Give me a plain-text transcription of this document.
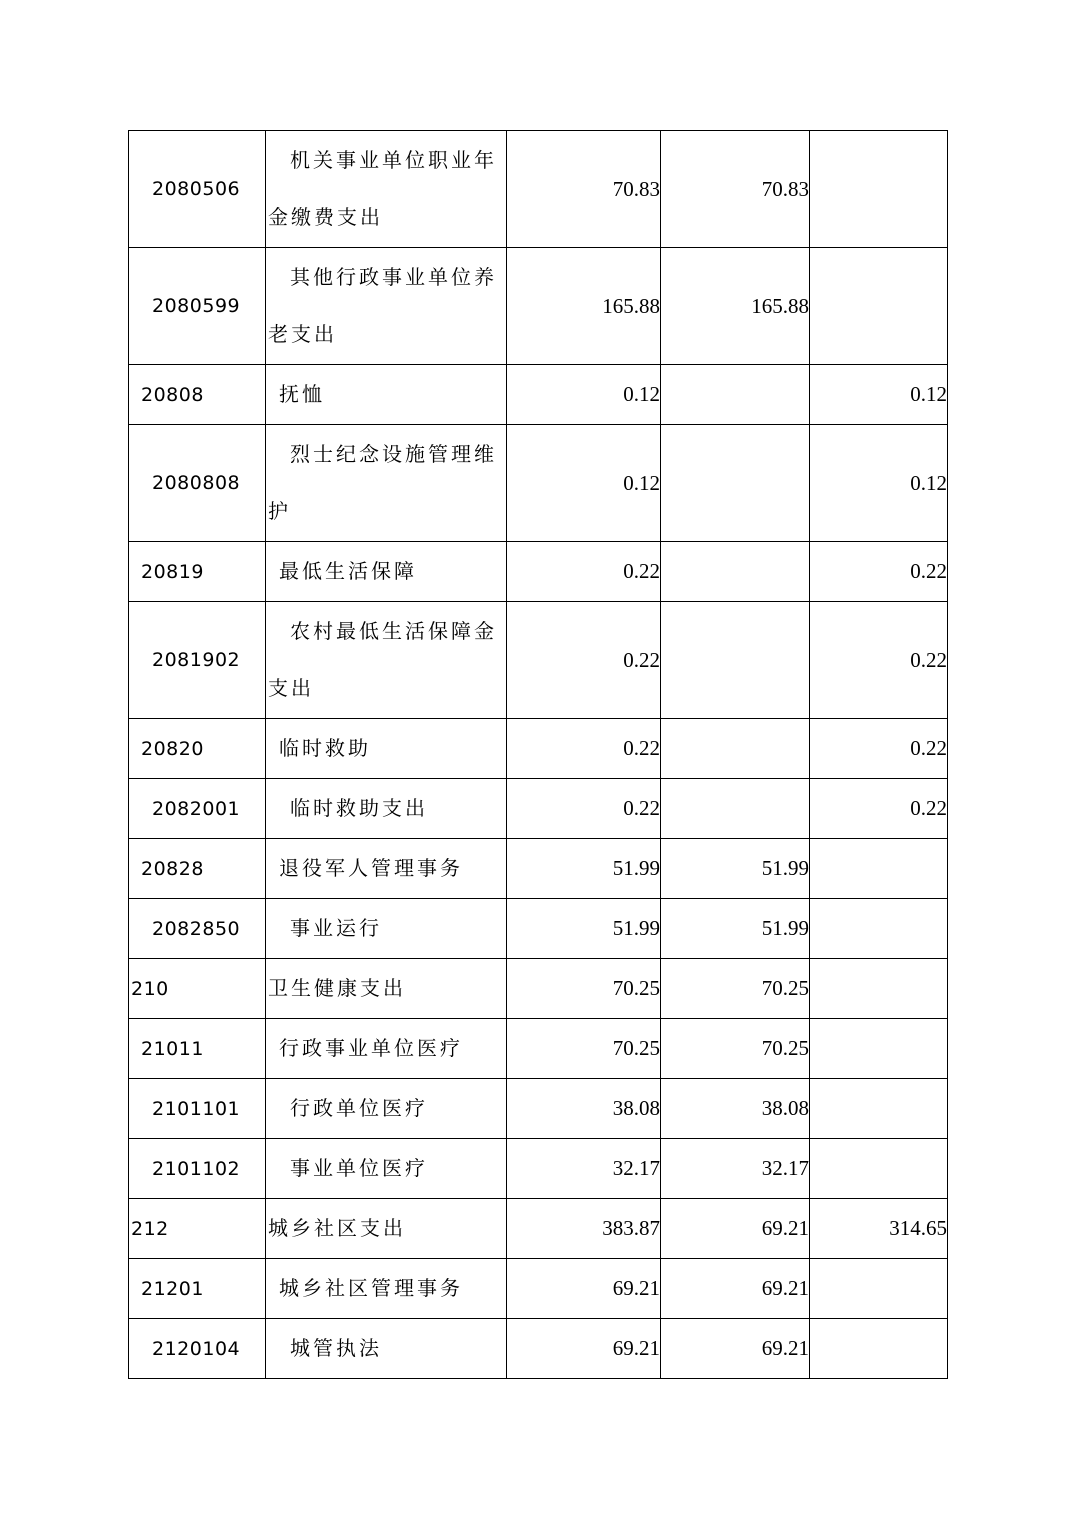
2080506	机关事业单位职业年金缴费支出	70.83	70.83	
2080599	其他行政事业单位养老支出	165.88	165.88	
20808	抚恤	0.12		0.12
2080808	烈士纪念设施管理维护	0.12		0.12
20819	最低生活保障	0.22		0.22
2081902	农村最低生活保障金支出	0.22		0.22
20820	临时救助	0.22		0.22
2082001	临时救助支出	0.22		0.22
20828	退役军人管理事务	51.99	51.99	
2082850	事业运行	51.99	51.99	
210	卫生健康支出	70.25	70.25	
21011	行政事业单位医疗	70.25	70.25	
2101101	行政单位医疗	38.08	38.08	
2101102	事业单位医疗	32.17	32.17	
212	城乡社区支出	383.87	69.21	314.65
21201	城乡社区管理事务	69.21	69.21	
2120104	城管执法	69.21	69.21	
